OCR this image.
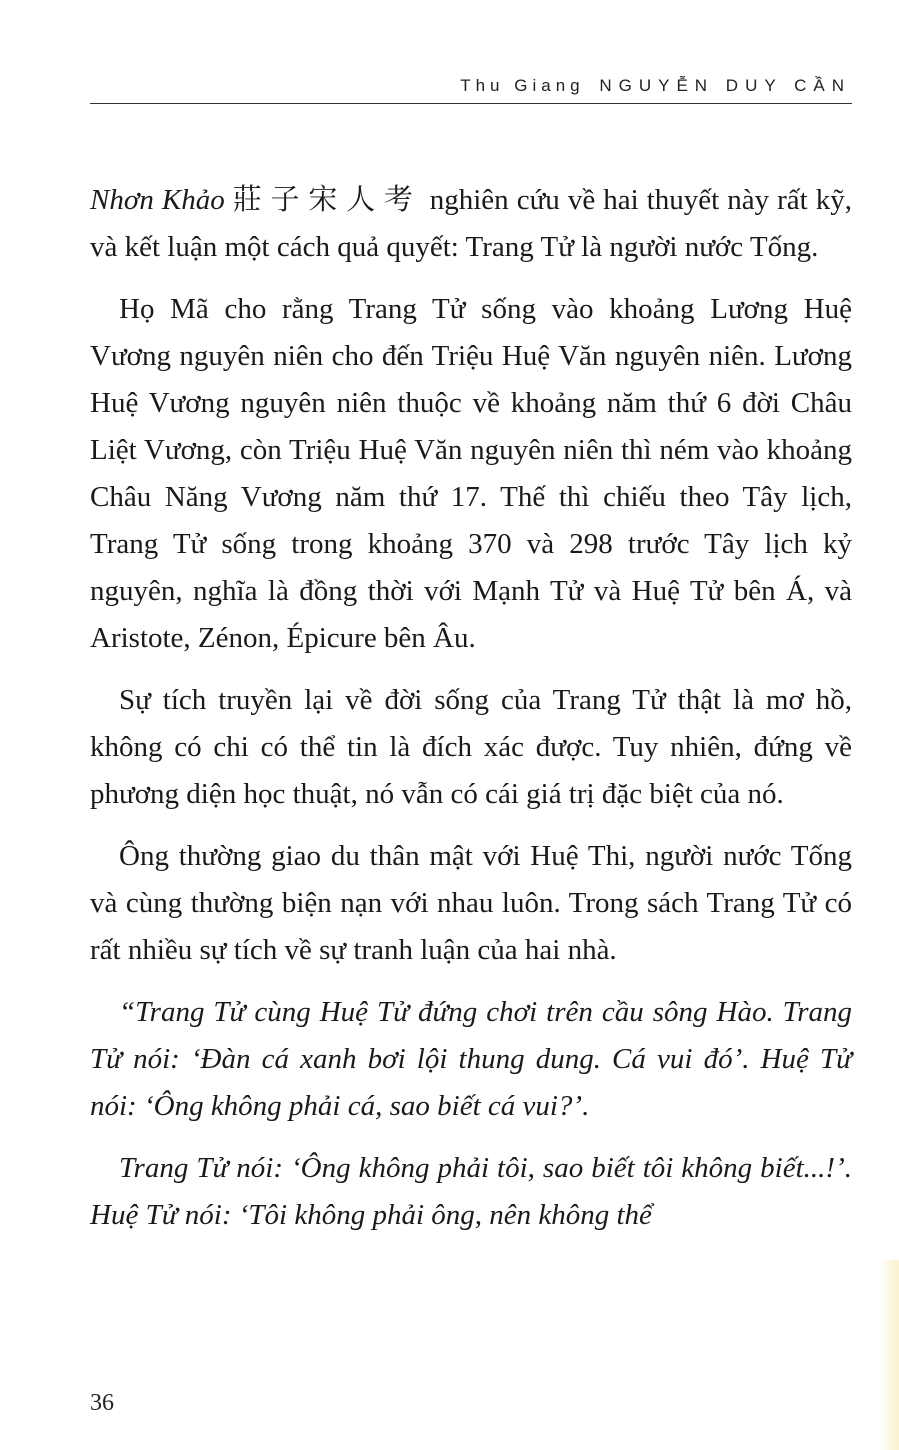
Thu Giang NGUYỄN DUY CẦN

Nhơn Khảo 莊子宋人考 nghiên cứu về hai thuyết này rất kỹ, và kết luận một cách quả quyết: Trang Tử là người nước Tống.

Họ Mã cho rằng Trang Tử sống vào khoảng Lương Huệ Vương nguyên niên cho đến Triệu Huệ Văn nguyên niên. Lương Huệ Vương nguyên niên thuộc về khoảng năm thứ 6 đời Châu Liệt Vương, còn Triệu Huệ Văn nguyên niên thì ném vào khoảng Châu Năng Vương năm thứ 17. Thế thì chiếu theo Tây lịch, Trang Tử sống trong khoảng 370 và 298 trước Tây lịch kỷ nguyên, nghĩa là đồng thời với Mạnh Tử và Huệ Tử bên Á, và Aristote, Zénon, Épicure bên Âu.

Sự tích truyền lại về đời sống của Trang Tử thật là mơ hồ, không có chi có thể tin là đích xác được. Tuy nhiên, đứng về phương diện học thuật, nó vẫn có cái giá trị đặc biệt của nó.

Ông thường giao du thân mật với Huệ Thi, người nước Tống và cùng thường biện nạn với nhau luôn. Trong sách Trang Tử có rất nhiều sự tích về sự tranh luận của hai nhà.

“Trang Tử cùng Huệ Tử đứng chơi trên cầu sông Hào. Trang Tử nói: ‘Đàn cá xanh bơi lội thung dung. Cá vui đó’. Huệ Tử nói: ‘Ông không phải cá, sao biết cá vui?’.

Trang Tử nói: ‘Ông không phải tôi, sao biết tôi không biết...!’. Huệ Tử nói: ‘Tôi không phải ông, nên không thể

36
